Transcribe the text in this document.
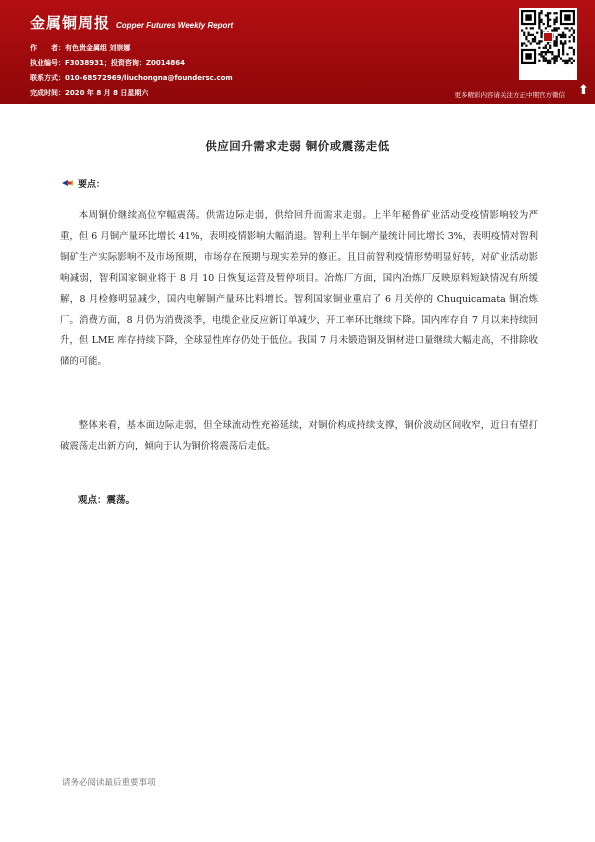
金属铜周报 Copper Futures Weekly Report
作　　者：有色贵金属组 刘崇娜
执业编号：F3038931；投资咨询：Z0014864
联系方式：010-68572969/liuchongna@foundersc.com
完成时间：2020 年 8 月 8 日星期六	更多精彩内容请关注方正中期官方微信 ⬆
供应回升需求走弱 铜价或震荡走低
要点：
本周铜价继续高位窄幅震荡。供需边际走弱，供给回升而需求走弱。上半年秘鲁矿业活动受疫情影响较为严重，但 6 月铜产量环比增长 41%，表明疫情影响大幅消退。智利上半年铜产量统计同比增长 3%，表明疫情对智利铜矿生产实际影响不及市场预期，市场存在预期与现实差异的修正。且目前智利疫情形势明显好转，对矿业活动影响减弱，智利国家铜业将于 8 月 10 日恢复运营及暂停项目。冶炼厂方面，国内冶炼厂反映原料短缺情况有所缓解，8 月检修明显减少，国内电解铜产量环比料增长。智利国家铜业重启了 6 月关停的 Chuquicamata 铜冶炼厂。消费方面，8 月仍为消费淡季，电缆企业反应新订单减少，开工率环比继续下降。国内库存自 7 月以来持续回升，但 LME 库存持续下降，全球显性库存仍处于低位。我国 7 月未锻造铜及铜材进口量继续大幅走高，不排除收储的可能。
整体来看，基本面边际走弱，但全球流动性充裕延续，对铜价构成持续支撑，铜价波动区间收窄，近日有望打破震荡走出新方向，倾向于认为铜价将震荡后走低。
观点：震荡。
请务必阅读最后重要事项
